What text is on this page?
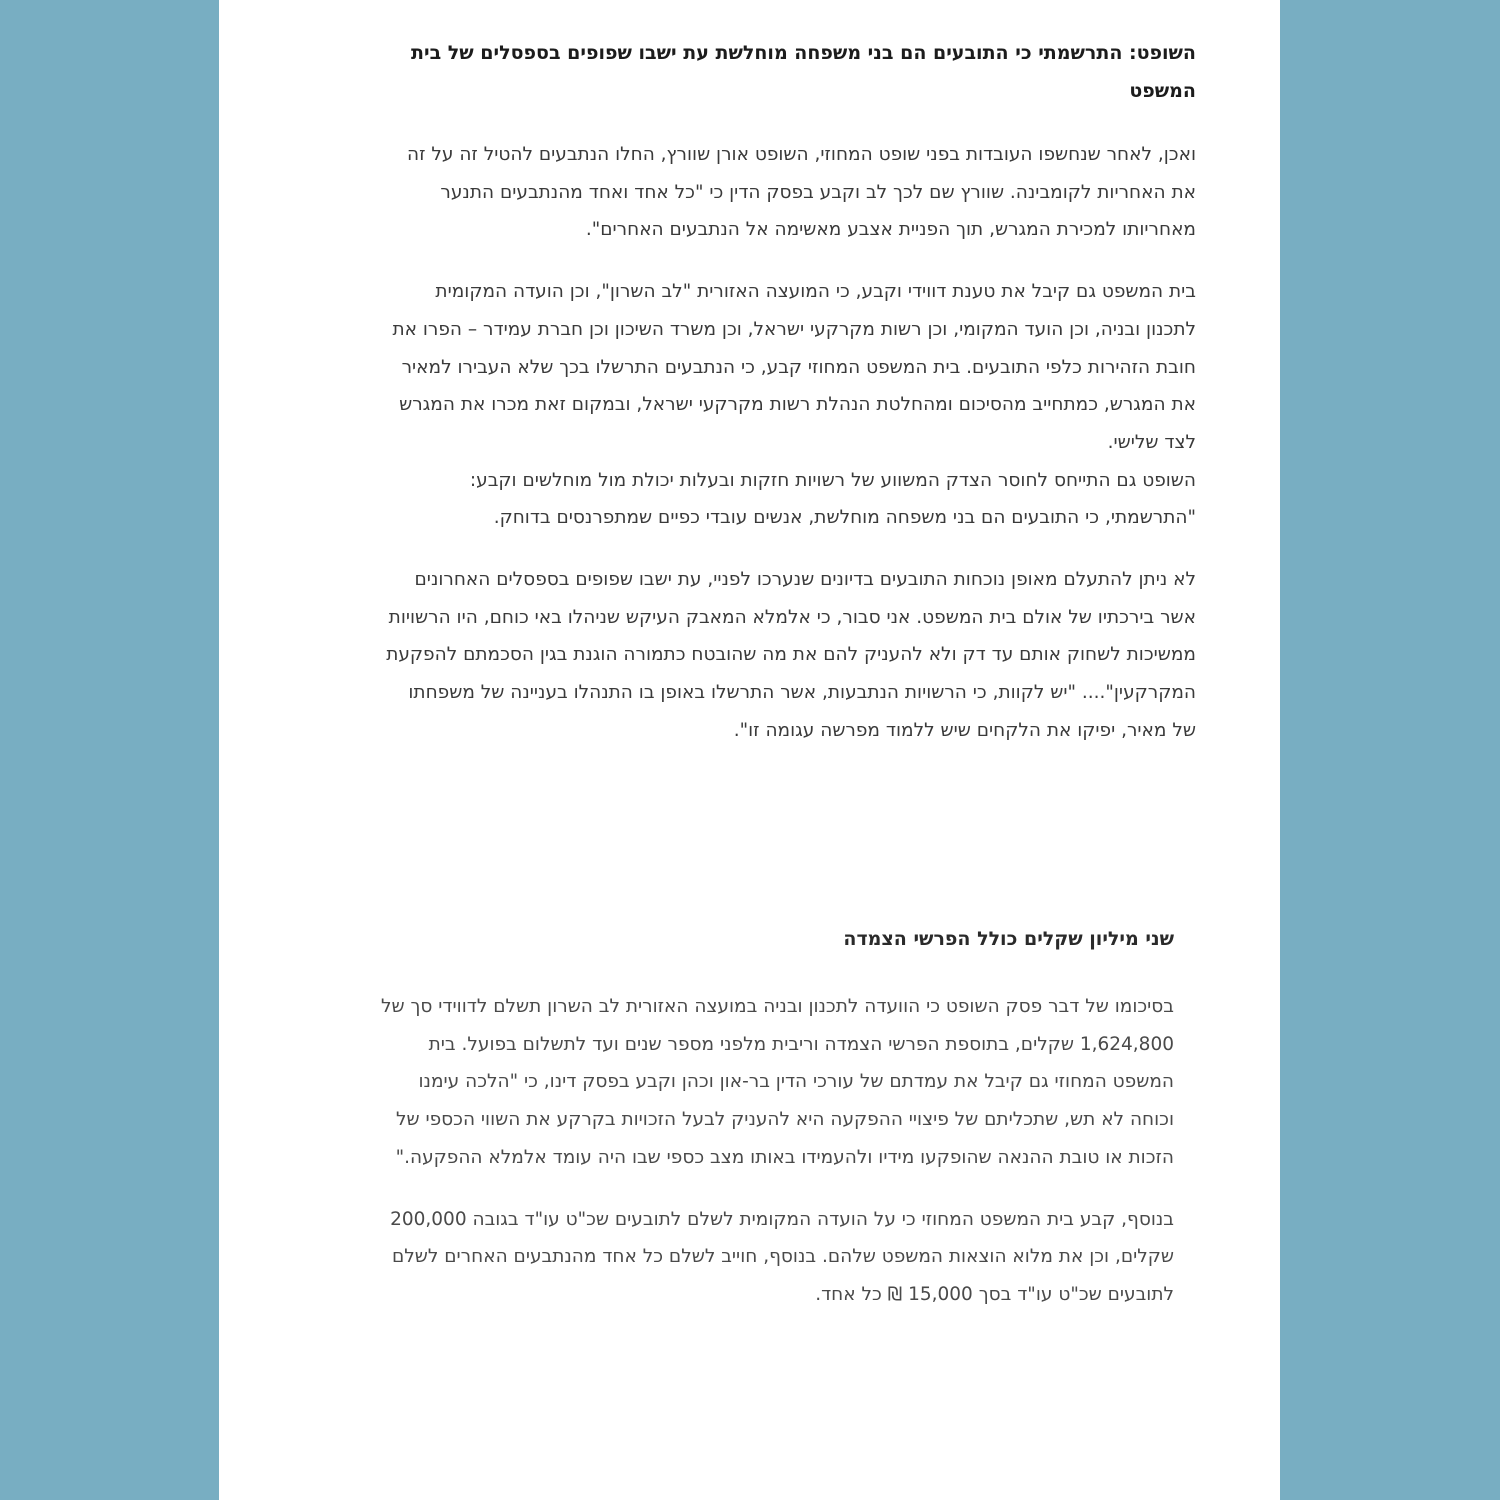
השופט: התרשמתי כי התובעים הם בני משפחה מוחלשת עת ישבו שפופים בספסלים של בית המשפט

ואכן, לאחר שנחשפו העובדות בפני שופט המחוזי, השופט אורן שוורץ, החלו הנתבעים להטיל זה על זה את האחריות לקומבינה. שוורץ שם לכך לב וקבע בפסק הדין כי "כל אחד ואחד מהנתבעים התנער מאחריותו למכירת המגרש, תוך הפניית אצבע מאשימה אל הנתבעים האחרים".

בית המשפט גם קיבל את טענת דווידי וקבע, כי המועצה האזורית "לב השרון", וכן הועדה המקומית לתכנון ובניה, וכן הועד המקומי, וכן רשות מקרקעי ישראל, וכן משרד השיכון וכן חברת עמידר – הפרו את חובת הזהירות כלפי התובעים. בית המשפט המחוזי קבע, כי הנתבעים התרשלו בכך שלא העבירו למאיר את המגרש, כמתחייב מהסיכום ומהחלטת הנהלת רשות מקרקעי ישראל, ובמקום זאת מכרו את המגרש לצד שלישי.

השופט גם התייחס לחוסר הצדק המשווע של רשויות חזקות ובעלות יכולת מול מוחלשים וקבע: "התרשמתי, כי התובעים הם בני משפחה מוחלשת, אנשים עובדי כפיים שמתפרנסים בדוחק.

לא ניתן להתעלם מאופן נוכחות התובעים בדיונים שנערכו לפניי, עת ישבו שפופים בספסלים האחרונים אשר בירכתיו של אולם בית המשפט. אני סבור, כי אלמלא המאבק העיקש שניהלו באי כוחם, היו הרשויות ממשיכות לשחוק אותם עד דק ולא להעניק להם את מה שהובטח כתמורה הוגנת בגין הסכמתם להפקעת המקרקעין".... "יש לקוות, כי הרשויות הנתבעות, אשר התרשלו באופן בו התנהלו בעניינה של משפחתו של מאיר, יפיקו את הלקחים שיש ללמוד מפרשה עגומה זו".

שני מיליון שקלים כולל הפרשי הצמדה

בסיכומו של דבר פסק השופט כי הוועדה לתכנון ובניה במועצה האזורית לב השרון תשלם לדווידי סך של 1,624,800 שקלים, בתוספת הפרשי הצמדה וריבית מלפני מספר שנים ועד לתשלום בפועל. בית המשפט המחוזי גם קיבל את עמדתם של עורכי הדין בר-און וכהן וקבע בפסק דינו, כי "הלכה עימנו וכוחה לא תש, שתכליתם של פיצויי ההפקעה היא להעניק לבעל הזכויות בקרקע את השווי הכספי של הזכות או טובת ההנאה שהופקעו מידיו ולהעמידו באותו מצב כספי שבו היה עומד אלמלא ההפקעה."

בנוסף, קבע בית המשפט המחוזי כי על הועדה המקומית לשלם לתובעים שכ"ט עו"ד בגובה 200,000 שקלים, וכן את מלוא הוצאות המשפט שלהם. בנוסף, חוייב לשלם כל אחד מהנתבעים האחרים לשלם לתובעים שכ"ט עו"ד בסך 15,000 ₪ כל אחד.
